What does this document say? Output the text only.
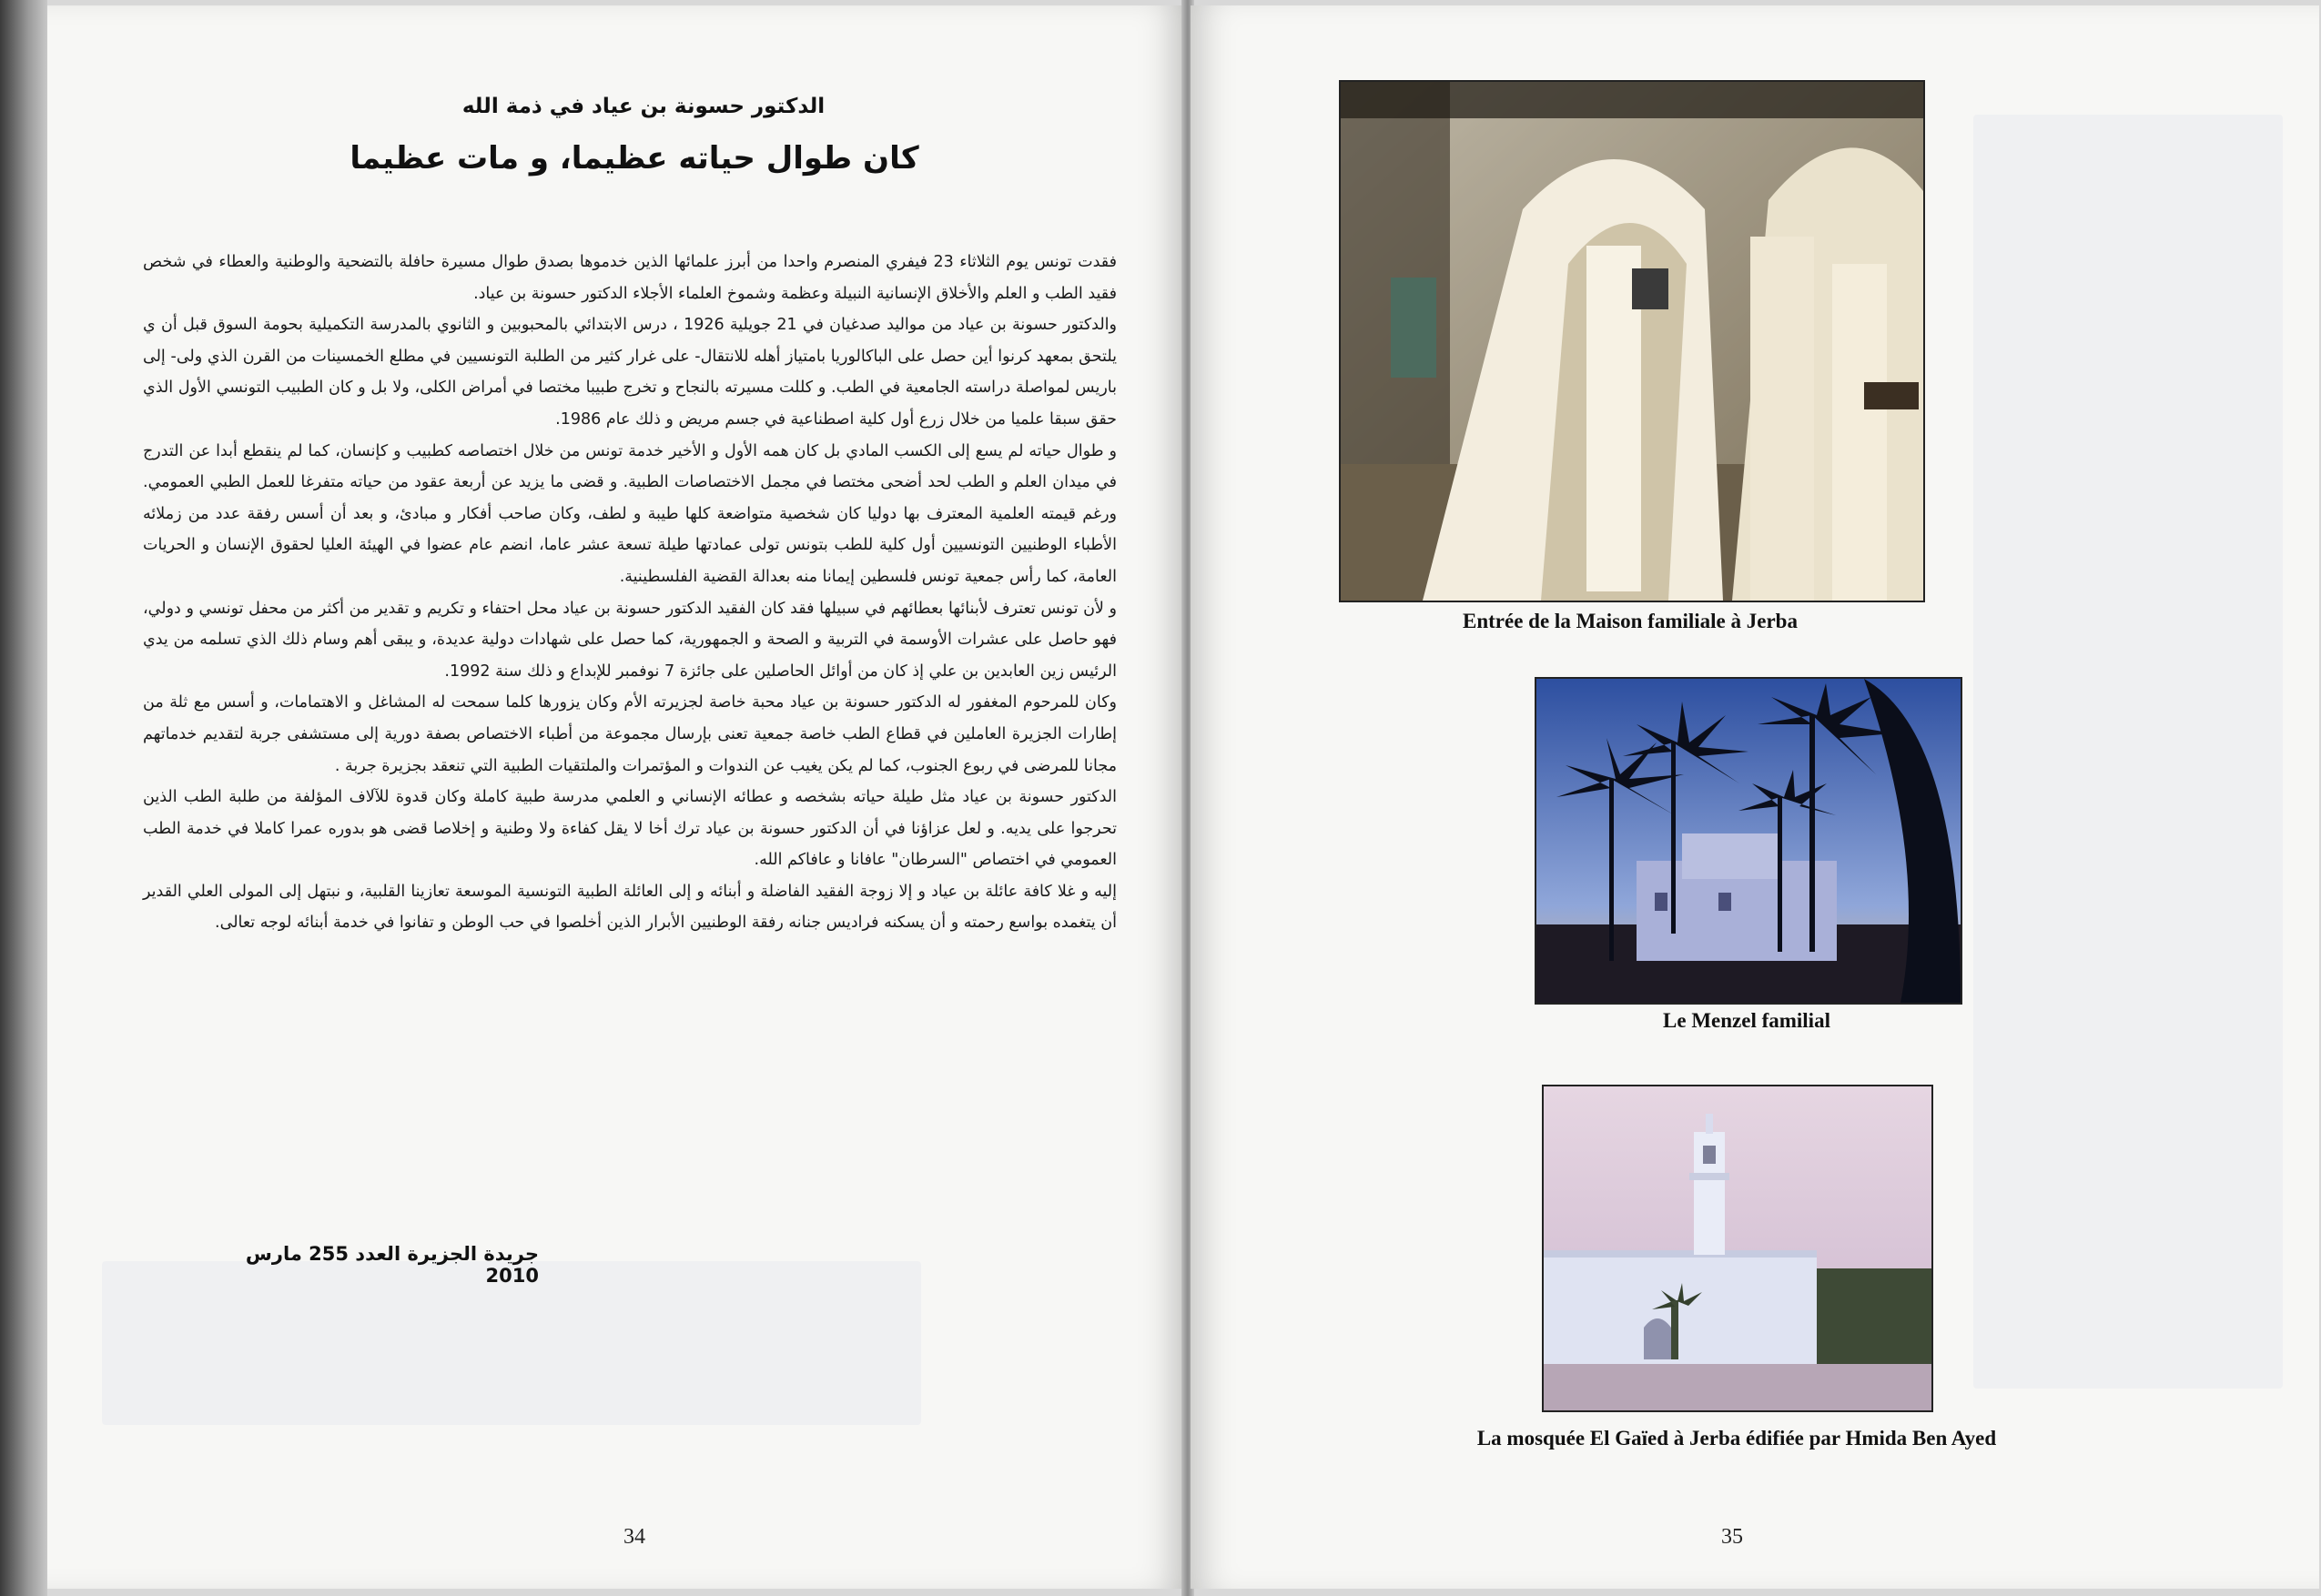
الدكتور حسونة بن عياد في ذمة الله
كان طوال حياته عظيما، و مات عظيما

فقدت تونس يوم الثلاثاء 23 فيفري المنصرم واحدا من أبرز علمائها الذين خدموها بصدق طوال مسيرة حافلة بالتضحية والوطنية والعطاء في شخص فقيد الطب و العلم والأخلاق الإنسانية النبيلة وعظمة وشموخ العلماء الأجلاء الدكتور حسونة بن عياد.

والدكتور حسونة بن عياد من مواليد صدغيان في 21 جويلية 1926 ، درس الابتدائي بالمحبوبين و الثانوي بالمدرسة التكميلية بحومة السوق قبل أن ي يلتحق بمعهد كرنوا أين حصل على الباكالوريا بامتياز أهله للانتقال- على غرار كثير من الطلبة التونسيين في مطلع الخمسينات من القرن الذي ولى- إلى باريس لمواصلة دراسته الجامعية في الطب. و كللت مسيرته بالنجاح و تخرج طبيبا مختصا في أمراض الكلى، ولا بل و كان الطبيب التونسي الأول الذي حقق سبقا علميا من خلال زرع أول كلية اصطناعية في جسم مريض و ذلك عام 1986.

و طوال حياته لم يسع إلى الكسب المادي بل كان همه الأول و الأخير خدمة تونس من خلال اختصاصه كطبيب و كإنسان، كما لم ينقطع أبدا عن التدرج في ميدان العلم و الطب لحد أضحى مختصا في مجمل الاختصاصات الطبية. و قضى ما يزيد عن أربعة عقود من حياته متفرغا للعمل الطبي العمومي. ورغم قيمته العلمية المعترف بها دوليا كان شخصية متواضعة كلها طيبة و لطف، وكان صاحب أفكار و مبادئ، و بعد أن أسس رفقة عدد من زملائه الأطباء الوطنيين التونسيين أول كلية للطب بتونس تولى عمادتها طيلة تسعة عشر عاما، انضم عام عضوا في الهيئة العليا لحقوق الإنسان و الحريات العامة، كما رأس جمعية تونس فلسطين إيمانا منه بعدالة القضية الفلسطينية.

و لأن تونس تعترف لأبنائها بعطائهم في سبيلها فقد كان الفقيد الدكتور حسونة بن عياد محل احتفاء و تكريم و تقدير من أكثر من محفل تونسي و دولي، فهو حاصل على عشرات الأوسمة في التربية و الصحة و الجمهورية، كما حصل على شهادات دولية عديدة، و يبقى أهم وسام ذلك الذي تسلمه من يدي الرئيس زين العابدين بن علي إذ كان من أوائل الحاصلين على جائزة 7 نوفمبر للإبداع و ذلك سنة 1992.

وكان للمرحوم المغفور له الدكتور حسونة بن عياد محبة خاصة لجزيرته الأم وكان يزورها كلما سمحت له المشاغل و الاهتمامات، و أسس مع ثلة من إطارات الجزيرة العاملين في قطاع الطب خاصة جمعية تعنى بإرسال مجموعة من أطباء الاختصاص بصفة دورية إلى مستشفى جربة لتقديم خدماتهم مجانا للمرضى في ربوع الجنوب، كما لم يكن يغيب عن الندوات و المؤتمرات والملتقيات الطبية التي تنعقد بجزيرة جربة .

الدكتور حسونة بن عياد مثل طيلة حياته بشخصه و عطائه الإنساني و العلمي مدرسة طبية كاملة وكان قدوة للآلاف المؤلفة من طلبة الطب الذين تحرجوا على يديه. و لعل عزاؤنا في أن الدكتور حسونة بن عياد ترك أخا لا يقل كفاءة ولا وطنية و إخلاصا قضى هو بدوره عمرا كاملا في خدمة الطب العمومي في اختصاص "السرطان" عافانا و عافاكم الله.

إليه و غلا كافة عائلة بن عياد و إلا زوجة الفقيد الفاضلة و أبنائه و إلى العائلة الطبية التونسية الموسعة تعازينا القلبية، و نبتهل إلى المولى العلي القدير أن يتغمده بواسع رحمته و أن يسكنه فراديس جنانه رفقة الوطنيين الأبرار الذين أخلصوا في حب الوطن و تفانوا في خدمة أبنائه لوجه تعالى.

جريدة الجزيرة العدد 255 مارس 2010
34
Entrée de la Maison familiale à Jerba
Le Menzel familial
La mosquée El Gaïed à Jerba édifiée par Hmida Ben Ayed
35
